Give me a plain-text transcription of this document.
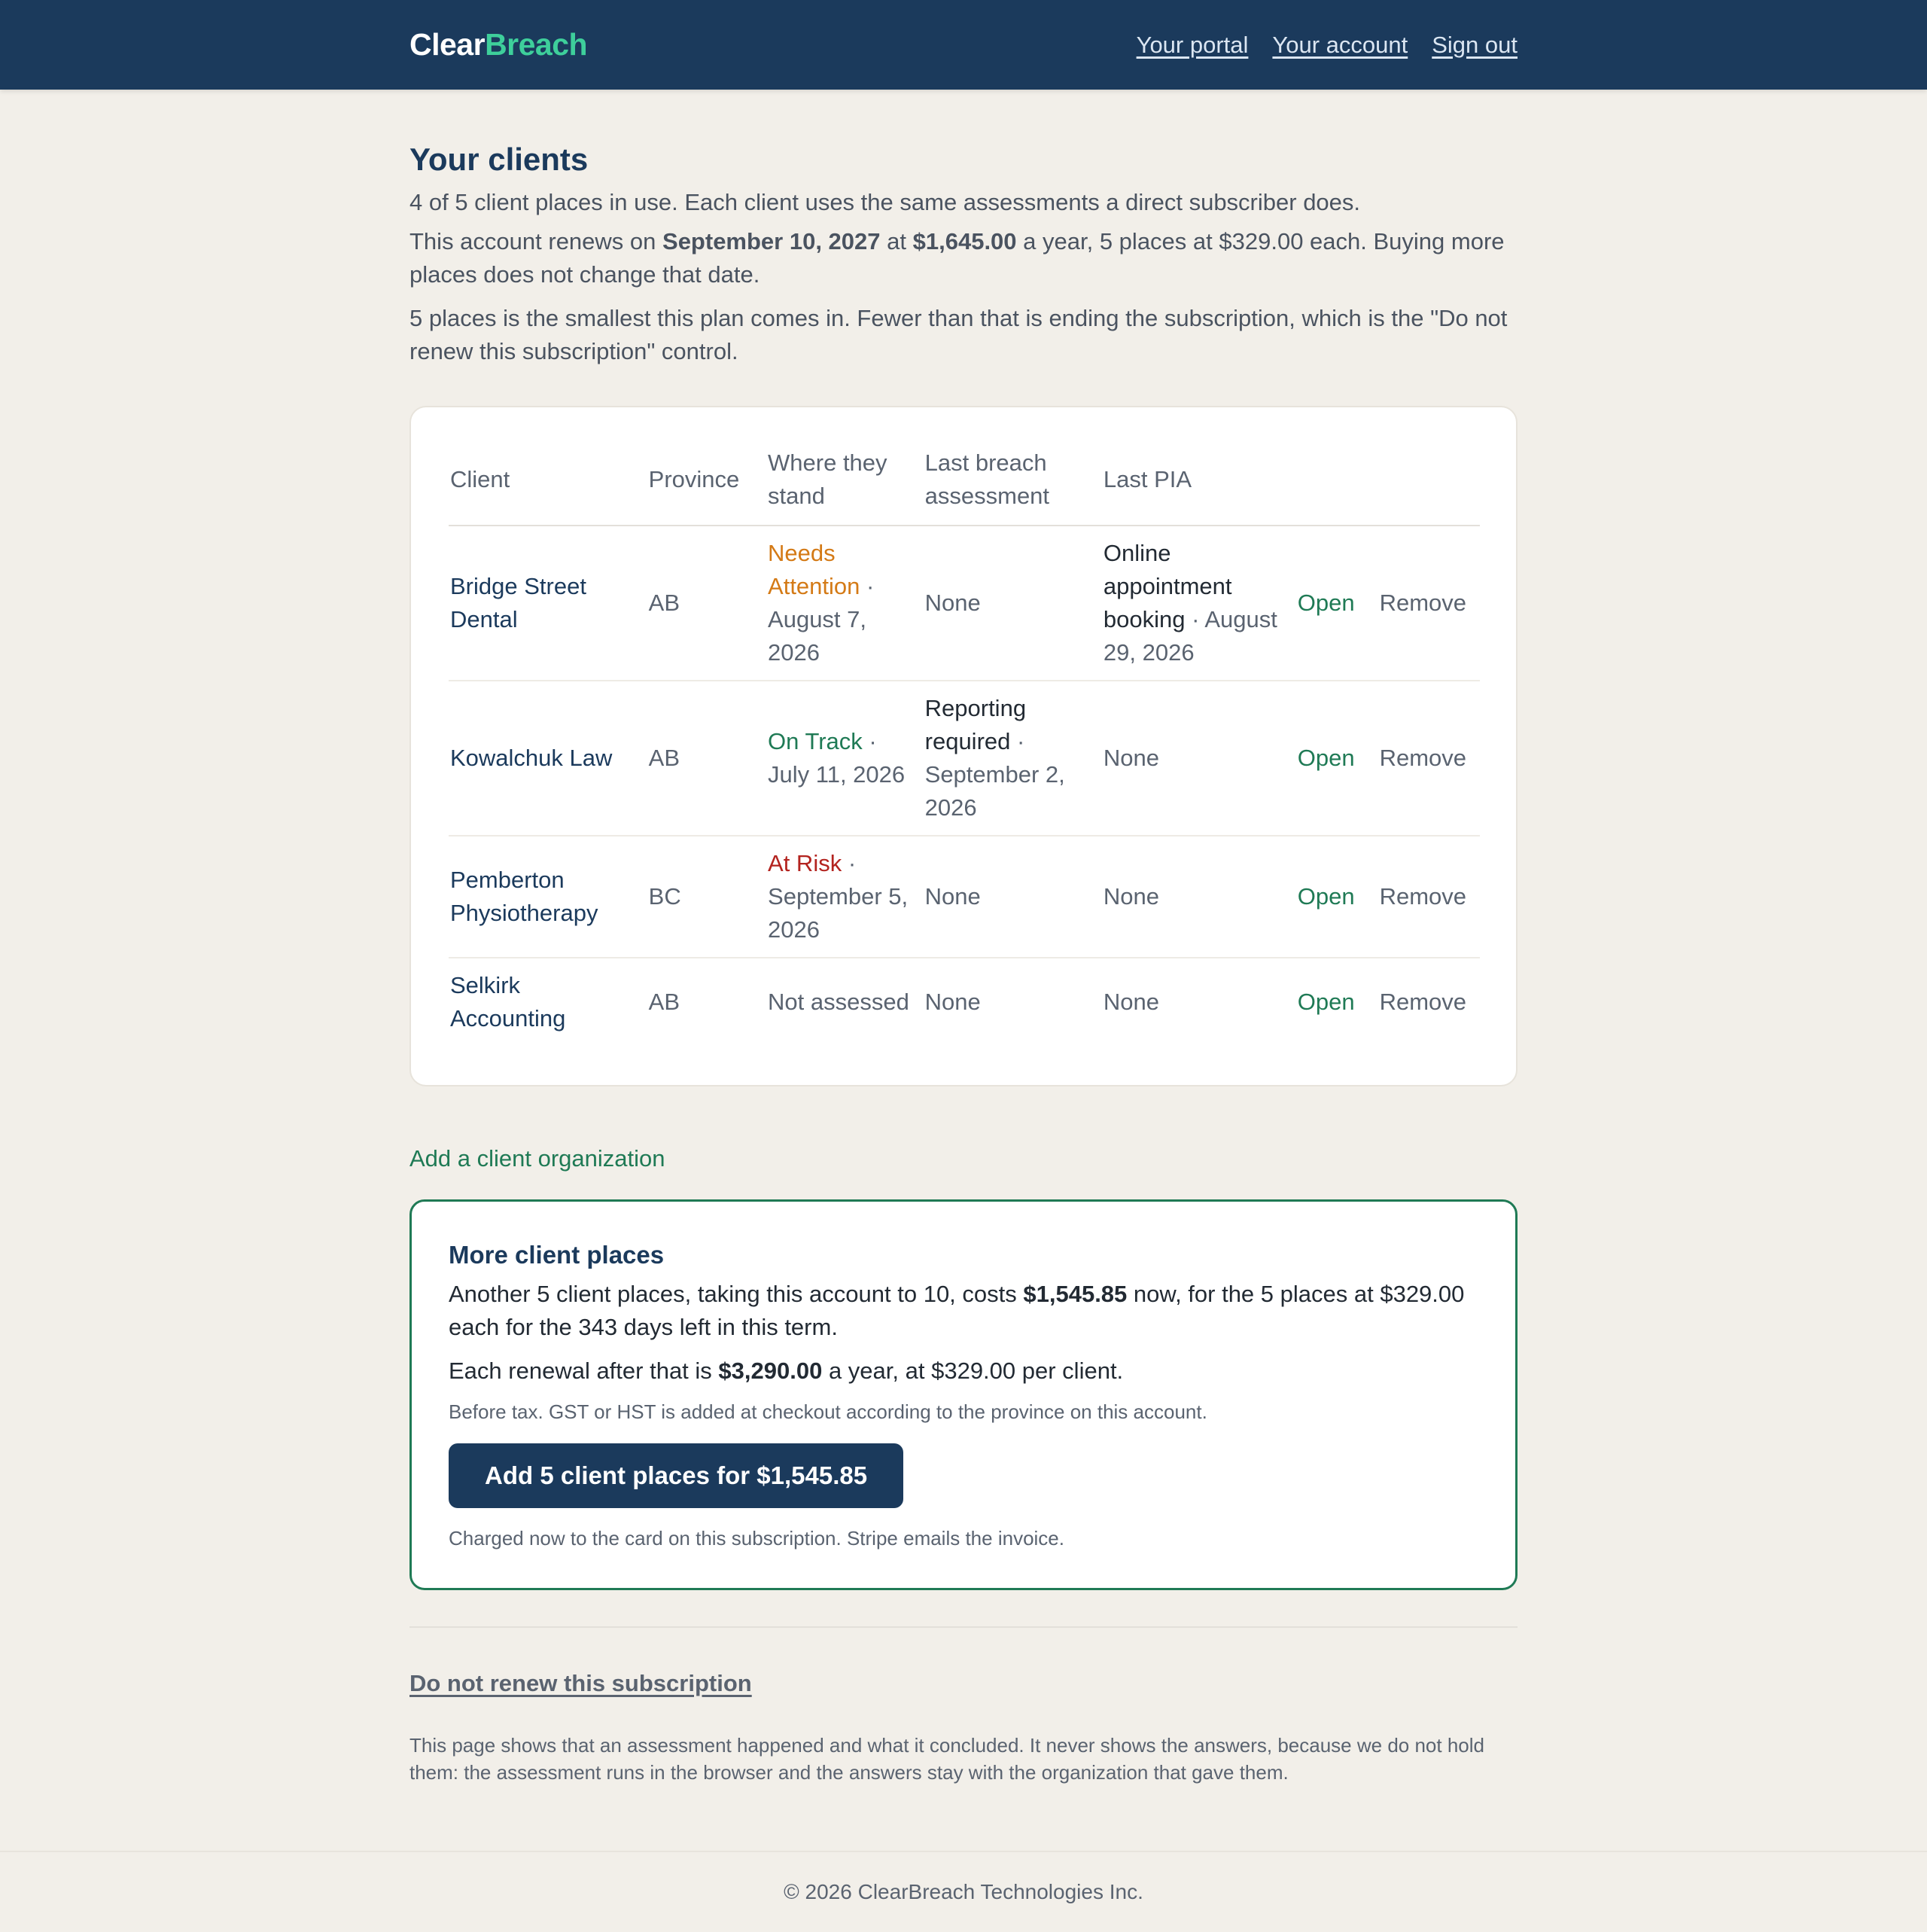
ClearBreach	Your portal Your account Sign out
Your clients

4 of 5 client places in use. Each client uses the same assessments a direct subscriber does.

This account renews on September 10, 2027 at $1,645.00 a year, 5 places at $329.00 each. Buying more places does not change that date.

5 places is the smallest this plan comes in. Fewer than that is ending the subscription, which is the "Do not renew this subscription" control.

Client	Province	Where they stand	Last breach assessment	Last PIA		
Bridge Street Dental	AB	Needs Attention · August 7, 2026	None	Online appointment booking · August 29, 2026	Open	Remove
Kowalchuk Law	AB	On Track · July 11, 2026	Reporting required · September 2, 2026	None	Open	Remove
Pemberton Physiotherapy	BC	At Risk · September 5, 2026	None	None	Open	Remove
Selkirk Accounting	AB	Not assessed	None	None	Open	Remove
Add a client organization
More client places

Another 5 client places, taking this account to 10, costs $1,545.85 now, for the 5 places at $329.00 each for the 343 days left in this term.

Each renewal after that is $3,290.00 a year, at $329.00 per client.

Before tax. GST or HST is added at checkout according to the province on this account.

Add 5 client places for $1,545.85

Charged now to the card on this subscription. Stripe emails the invoice.

Do not renew this subscription

This page shows that an assessment happened and what it concluded. It never shows the answers, because we do not hold them: the assessment runs in the browser and the answers stay with the organization that gave them.

© 2026 ClearBreach Technologies Inc.
